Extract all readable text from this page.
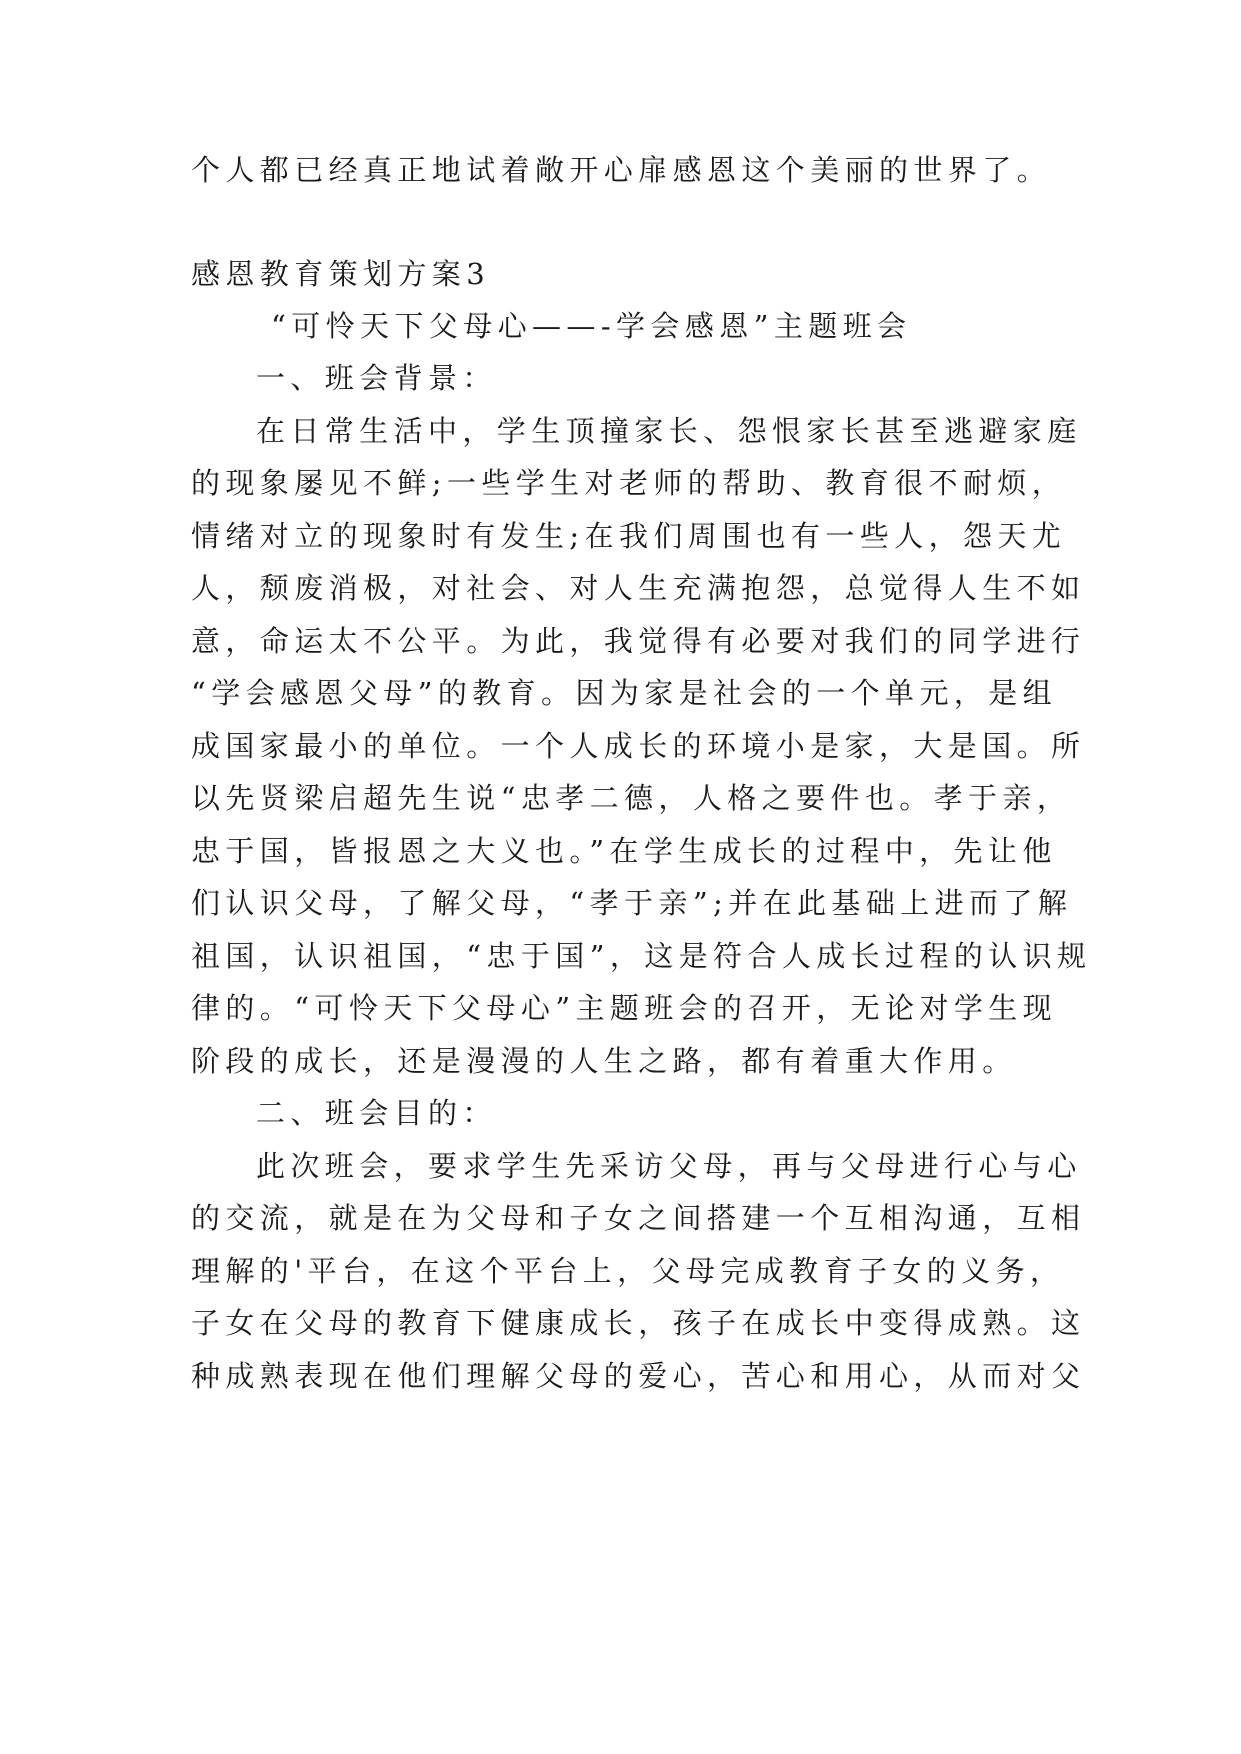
个人都已经真正地试着敞开心扉感恩这个美丽的世界了。
感恩教育策划方案3
“可怜天下父母心——-学会感恩”主题班会
一、班会背景：
在日常生活中，学生顶撞家长、怨恨家长甚至逃避家庭
的现象屡见不鲜;一些学生对老师的帮助、教育很不耐烦，
情绪对立的现象时有发生;在我们周围也有一些人，怨天尤
人，颓废消极，对社会、对人生充满抱怨，总觉得人生不如
意，命运太不公平。为此，我觉得有必要对我们的同学进行
“学会感恩父母”的教育。因为家是社会的一个单元，是组
成国家最小的单位。一个人成长的环境小是家，大是国。所
以先贤梁启超先生说“忠孝二德，人格之要件也。孝于亲，
忠于国，皆报恩之大义也。”在学生成长的过程中，先让他
们认识父母，了解父母，“孝于亲”;并在此基础上进而了解
祖国，认识祖国，“忠于国”，这是符合人成长过程的认识规
律的。“可怜天下父母心”主题班会的召开，无论对学生现
阶段的成长，还是漫漫的人生之路，都有着重大作用。
二、班会目的：
此次班会，要求学生先采访父母，再与父母进行心与心
的交流，就是在为父母和子女之间搭建一个互相沟通，互相
理解的'平台，在这个平台上，父母完成教育子女的义务，
子女在父母的教育下健康成长，孩子在成长中变得成熟。这
种成熟表现在他们理解父母的爱心，苦心和用心，从而对父
